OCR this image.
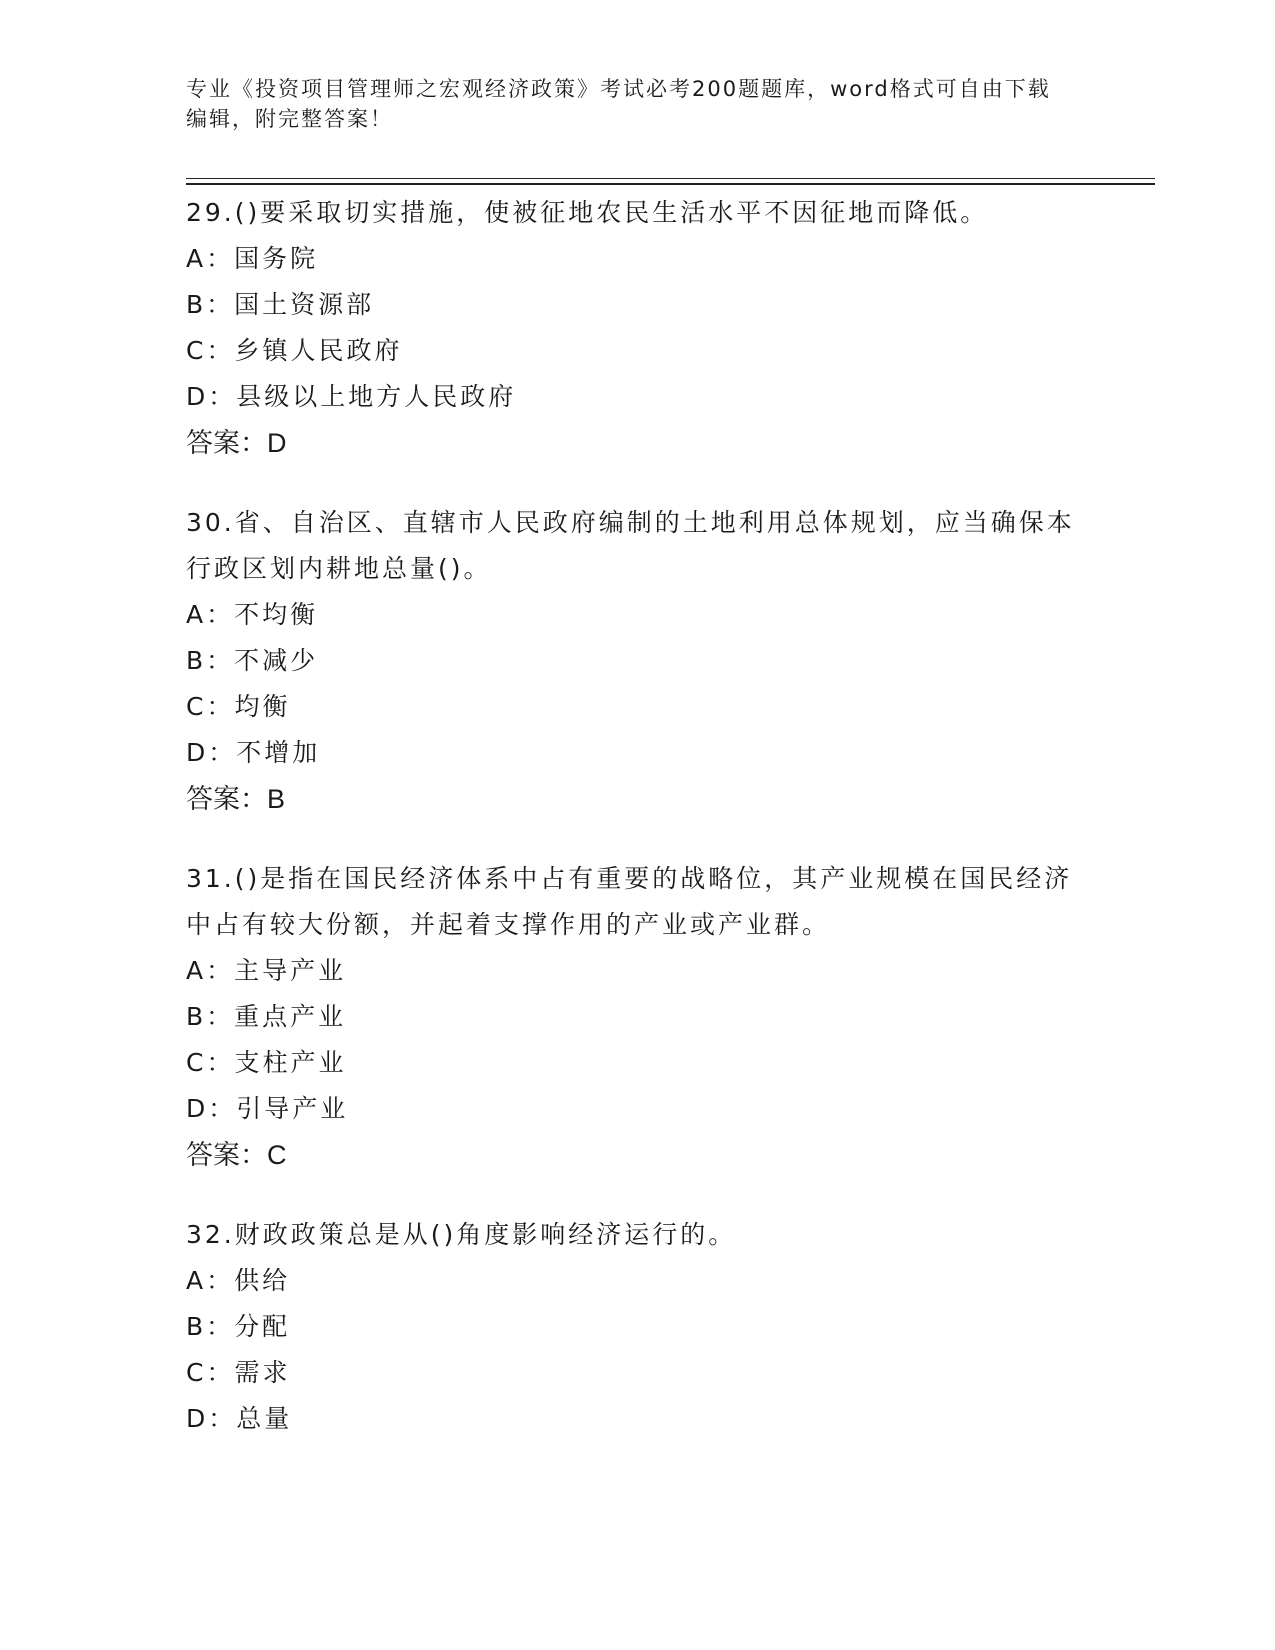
专业《投资项目管理师之宏观经济政策》考试必考200题题库，word格式可自由下载编辑，附完整答案！
29.()要采取切实措施，使被征地农民生活水平不因征地而降低。
A：国务院
B：国土资源部
C：乡镇人民政府
D：县级以上地方人民政府
答案：D
30.省、自治区、直辖市人民政府编制的土地利用总体规划，应当确保本行政区划内耕地总量()。
A：不均衡
B：不减少
C：均衡
D：不增加
答案：B
31.()是指在国民经济体系中占有重要的战略位，其产业规模在国民经济中占有较大份额，并起着支撑作用的产业或产业群。
A：主导产业
B：重点产业
C：支柱产业
D：引导产业
答案：C
32.财政政策总是从()角度影响经济运行的。
A：供给
B：分配
C：需求
D：总量
